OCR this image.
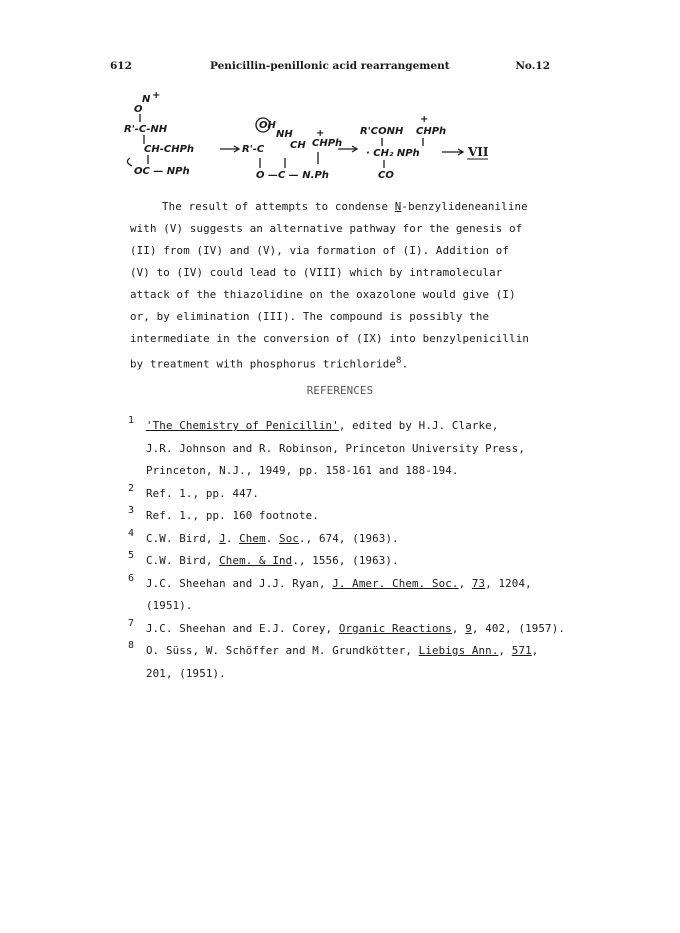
612	Penicillin-penillonic acid rearrangement	No.12
N +
O
R'-C-NH
CH-CHPh
OC — NPh
OH
NH
R'-C	CH CHPh
+
O —C — N.Ph
R'CONH CHPh
+
· CH₂ NPh
CO
VII

The result of attempts to condense N-benzylideneaniline

with (V) suggests an alternative pathway for the genesis of

(II) from (IV) and (V), via formation of (I). Addition of

(V) to (IV) could lead to (VIII) which by intramolecular

attack of the thiazolidine on the oxazolone would give (I)

or, by elimination (III). The compound is possibly the

intermediate in the conversion of (IX) into benzylpenicillin

by treatment with phosphorus trichloride$^8$.

REFERENCES
1 'The Chemistry of Penicillin', edited by H.J. Clarke,
J.R. Johnson and R. Robinson, Princeton University Press,
Princeton, N.J., 1949, pp. 158-161 and 188-194.
2 Ref. 1., pp. 447.
3 Ref. 1., pp. 160 footnote.
4 C.W. Bird, J. Chem. Soc., 674, (1963).
5 C.W. Bird, Chem. & Ind., 1556, (1963).
6 J.C. Sheehan and J.J. Ryan, J. Amer. Chem. Soc., 73, 1204,
(1951).
7 J.C. Sheehan and E.J. Corey, Organic Reactions, 9, 402, (1957).
8 O. Süss, W. Schöffer and M. Grundkötter, Liebigs Ann., 571,
201, (1951).
